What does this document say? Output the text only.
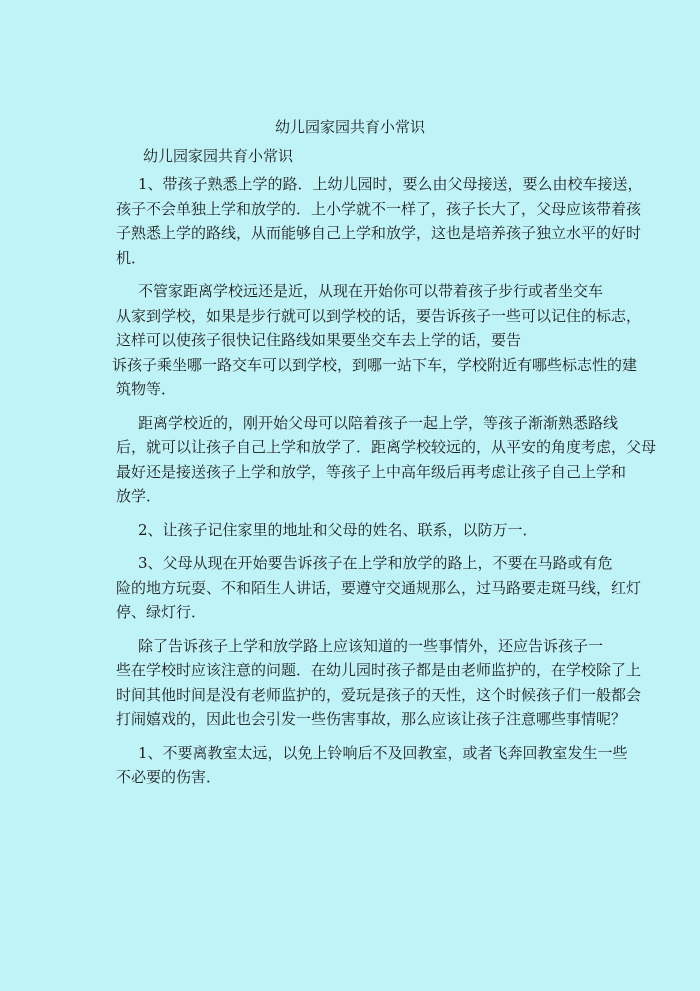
幼儿园家园共育小常识
幼儿园家园共育小常识
1、带孩子熟悉上学的路．上幼儿园时，要么由父母接送，要么由校车接送，
孩子不会单独上学和放学的．上小学就不一样了，孩子长大了，父母应该带着孩
子熟悉上学的路线，从而能够自己上学和放学，这也是培养孩子独立水平的好时
机．
不管家距离学校远还是近，从现在开始你可以带着孩子步行或者坐交车
从家到学校，如果是步行就可以到学校的话，要告诉孩子一些可以记住的标志，
这样可以使孩子很快记住路线如果要坐交车去上学的话，要告
诉孩子乘坐哪一路交车可以到学校，到哪一站下车，学校附近有哪些标志性的建
筑物等．
距离学校近的，刚开始父母可以陪着孩子一起上学，等孩子渐渐熟悉路线
后，就可以让孩子自己上学和放学了．距离学校较远的，从平安的角度考虑，父母
最好还是接送孩子上学和放学，等孩子上中高年级后再考虑让孩子自己上学和
放学．
2、让孩子记住家里的地址和父母的姓名、联系，以防万一．
3、父母从现在开始要告诉孩子在上学和放学的路上，不要在马路或有危
险的地方玩耍、不和陌生人讲话，要遵守交通规那么，过马路要走斑马线，红灯
停、绿灯行．
除了告诉孩子上学和放学路上应该知道的一些事情外，还应告诉孩子一
些在学校时应该注意的问题．在幼儿园时孩子都是由老师监护的，在学校除了上
时间其他时间是没有老师监护的，爱玩是孩子的天性，这个时候孩子们一般都会
打闹嬉戏的，因此也会引发一些伤害事故，那么应该让孩子注意哪些事情呢？
1、不要离教室太远，以免上铃响后不及回教室，或者飞奔回教室发生一些
不必要的伤害．
